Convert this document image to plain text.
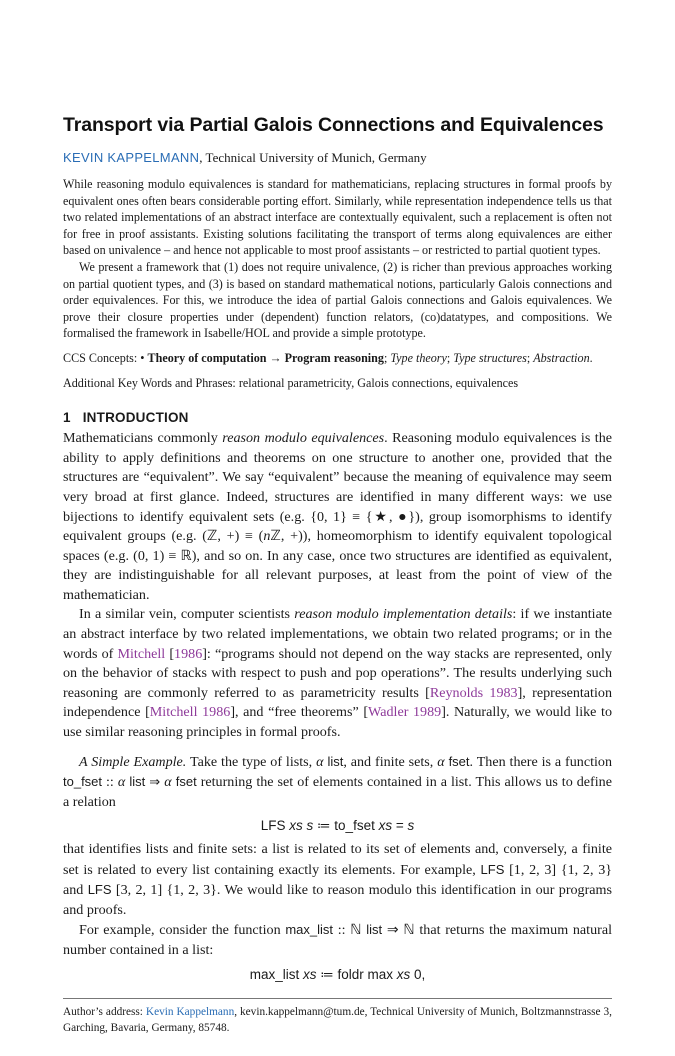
Transport via Partial Galois Connections and Equivalences
KEVIN KAPPELMANN, Technical University of Munich, Germany

While reasoning modulo equivalences is standard for mathematicians, replacing structures in formal proofs by equivalent ones often bears considerable porting effort. Similarly, while representation independence tells us that two related implementations of an abstract interface are contextually equivalent, such a replacement is often not for free in proof assistants. Existing solutions facilitating the transport of terms along equivalences are either based on univalence – and hence not applicable to most proof assistants – or restricted to partial quotient types.

We present a framework that (1) does not require univalence, (2) is richer than previous approaches working on partial quotient types, and (3) is based on standard mathematical notions, particularly Galois connections and order equivalences. For this, we introduce the idea of partial Galois connections and Galois equivalences. We prove their closure properties under (dependent) function relators, (co)datatypes, and compositions. We formalised the framework in Isabelle/HOL and provide a simple prototype.

CCS Concepts: • Theory of computation → Program reasoning; Type theory; Type structures; Abstraction.
Additional Key Words and Phrases: relational parametricity, Galois connections, equivalences
1 INTRODUCTION

Mathematicians commonly reason modulo equivalences. Reasoning modulo equivalences is the ability to apply definitions and theorems on one structure to another one, provided that the structures are “equivalent”. We say “equivalent” because the meaning of equivalence may seem very broad at first glance. Indeed, structures are identified in many different ways: we use bijections to identify equivalent sets (e.g. {0, 1} ≡ {★, ●}), group isomorphisms to identify equivalent groups (e.g. (ℤ, +) ≡ (nℤ, +)), homeomorphism to identify equivalent topological spaces (e.g. (0, 1) ≡ ℝ), and so on. In any case, once two structures are identified as equivalent, they are indistinguishable for all relevant purposes, at least from the point of view of the mathematician.

In a similar vein, computer scientists reason modulo implementation details: if we instantiate an abstract interface by two related implementations, we obtain two related programs; or in the words of Mitchell [1986]: “programs should not depend on the way stacks are represented, only on the behavior of stacks with respect to push and pop operations”. The results underlying such reasoning are commonly referred to as parametricity results [Reynolds 1983], representation independence [Mitchell 1986], and “free theorems” [Wadler 1989]. Naturally, we would like to use similar reasoning principles in formal proofs.

A Simple Example. Take the type of lists, α list, and finite sets, α fset. Then there is a function to_fset :: α list ⇒ α fset returning the set of elements contained in a list. This allows us to define a relation

LFS xs s ≔ to_fset xs = s

that identifies lists and finite sets: a list is related to its set of elements and, conversely, a finite set is related to every list containing exactly its elements. For example, LFS [1, 2, 3] {1, 2, 3} and LFS [3, 2, 1] {1, 2, 3}. We would like to reason modulo this identification in our programs and proofs.

For example, consider the function max_list :: ℕ list ⇒ ℕ that returns the maximum natural number contained in a list:

max_list xs ≔ foldr max xs 0,

Author’s address: Kevin Kappelmann, kevin.kappelmann@tum.de, Technical University of Munich, Boltzmannstrasse 3, Garching, Bavaria, Germany, 85748.
